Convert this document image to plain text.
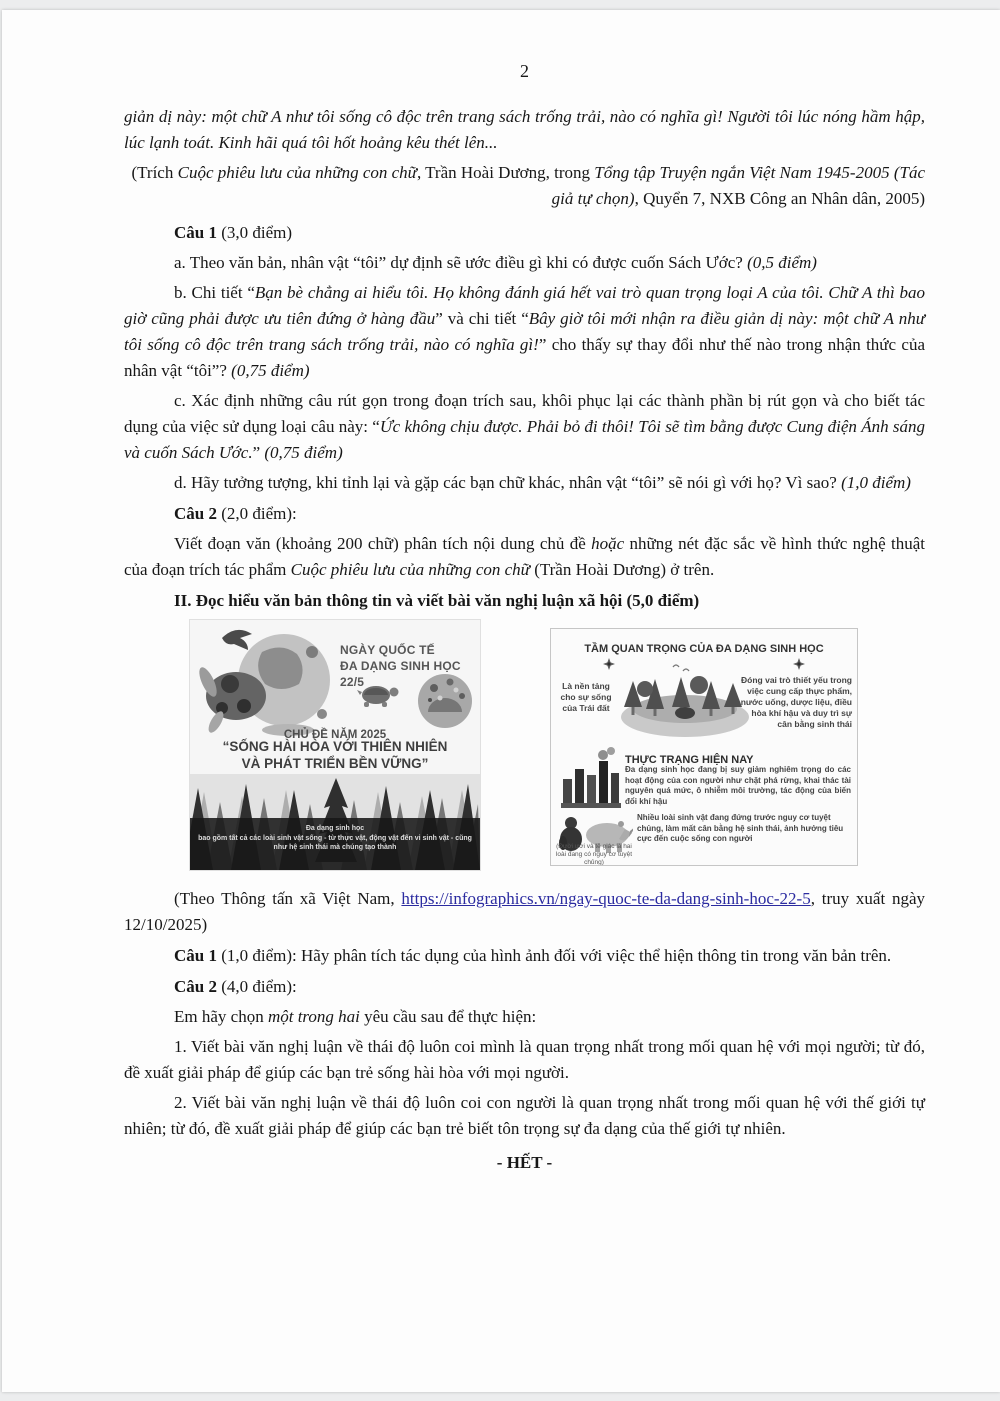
2

giản dị này: một chữ A như tôi sống cô độc trên trang sách trống trải, nào có nghĩa gì! Người tôi lúc nóng hầm hập, lúc lạnh toát. Kinh hãi quá tôi hốt hoảng kêu thét lên...

(Trích Cuộc phiêu lưu của những con chữ, Trần Hoài Dương, trong Tổng tập Truyện ngắn Việt Nam 1945-2005 (Tác giả tự chọn), Quyển 7, NXB Công an Nhân dân, 2005)

Câu 1 (3,0 điểm)

a. Theo văn bản, nhân vật “tôi” dự định sẽ ước điều gì khi có được cuốn Sách Ước? (0,5 điểm)

b. Chi tiết “Bạn bè chẳng ai hiểu tôi. Họ không đánh giá hết vai trò quan trọng loại A của tôi. Chữ A thì bao giờ cũng phải được ưu tiên đứng ở hàng đầu” và chi tiết “Bây giờ tôi mới nhận ra điều giản dị này: một chữ A như tôi sống cô độc trên trang sách trống trải, nào có nghĩa gì!” cho thấy sự thay đổi như thế nào trong nhận thức của nhân vật “tôi”? (0,75 điểm)

c. Xác định những câu rút gọn trong đoạn trích sau, khôi phục lại các thành phần bị rút gọn và cho biết tác dụng của việc sử dụng loại câu này: “Ức không chịu được. Phải bỏ đi thôi! Tôi sẽ tìm bằng được Cung điện Ánh sáng và cuốn Sách Ước.” (0,75 điểm)

d. Hãy tưởng tượng, khi tỉnh lại và gặp các bạn chữ khác, nhân vật “tôi” sẽ nói gì với họ? Vì sao? (1,0 điểm)

Câu 2 (2,0 điểm):

Viết đoạn văn (khoảng 200 chữ) phân tích nội dung chủ đề hoặc những nét đặc sắc về hình thức nghệ thuật của đoạn trích tác phẩm Cuộc phiêu lưu của những con chữ (Trần Hoài Dương) ở trên.

II. Đọc hiểu văn bản thông tin và viết bài văn nghị luận xã hội (5,0 điểm)

NGÀY QUỐC TẾ
ĐA DẠNG SINH HỌC 22/5
CHỦ ĐỀ NĂM 2025
“SỐNG HÀI HÒA VỚI THIÊN NHIÊN
VÀ PHÁT TRIỂN BỀN VỮNG”
Đa dạng sinh học
bao gồm tất cả các loài sinh vật sống - từ thực vật, động vật đến vi sinh vật - cũng như hệ sinh thái mà chúng tạo thành
TẦM QUAN TRỌNG CỦA ĐA DẠNG SINH HỌC
Là nền tảng cho sự sống của Trái đất
Đóng vai trò thiết yếu trong việc cung cấp thực phẩm, nước uống, dược liệu, điều hòa khí hậu và duy trì sự cân bằng sinh thái
THỰC TRẠNG HIỆN NAY
Đa dạng sinh học đang bị suy giảm nghiêm trọng do các hoạt động của con người như chặt phá rừng, khai thác tài nguyên quá mức, ô nhiễm môi trường, tác động của biến đổi khí hậu
Nhiều loài sinh vật đang đứng trước nguy cơ tuyệt chủng, làm mất cân bằng hệ sinh thái, ảnh hưởng tiêu cực đến cuộc sống con người
(Đười ươi và tê giác là hai loài đang có nguy cơ tuyệt chủng)

(Theo Thông tấn xã Việt Nam, https://infographics.vn/ngay-quoc-te-da-dang-sinh-hoc-22-5, truy xuất ngày 12/10/2025)

Câu 1 (1,0 điểm): Hãy phân tích tác dụng của hình ảnh đối với việc thể hiện thông tin trong văn bản trên.

Câu 2 (4,0 điểm):

Em hãy chọn một trong hai yêu cầu sau để thực hiện:

1. Viết bài văn nghị luận về thái độ luôn coi mình là quan trọng nhất trong mối quan hệ với mọi người; từ đó, đề xuất giải pháp để giúp các bạn trẻ sống hài hòa với mọi người.

2. Viết bài văn nghị luận về thái độ luôn coi con người là quan trọng nhất trong mối quan hệ với thế giới tự nhiên; từ đó, đề xuất giải pháp để giúp các bạn trẻ biết tôn trọng sự đa dạng của thế giới tự nhiên.

- HẾT -
